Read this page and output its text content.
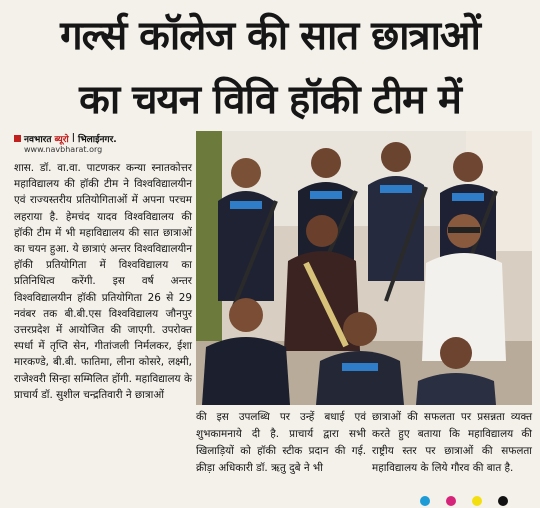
गर्ल्स कॉलेज की सात छात्राओं
का चयन विवि हॉकी टीम में
नवभारत ब्यूरो | भिलाईनगर.
www.navbharat.org
शास. डॉ. वा.वा. पाटणकर कन्या स्नातकोत्तर महाविद्यालय की हॉकी टीम ने विश्वविद्यालयीन एवं राज्यस्तरीय प्रतियोगिताओं में अपना परचम लहराया है. हेमचंद यादव विश्वविद्यालय की हॉकी टीम में भी महाविद्यालय की सात छात्राओं का चयन हुआ. ये छात्राएं अन्तर विश्वविद्यालयीन हॉकी प्रतियोगिता में विश्वविद्यालय का प्रतिनिधित्व करेंगी. इस वर्ष अन्तर विश्वविद्यालयीन हॉकी प्रतियोगिता 26 से 29 नवंबर तक बी.बी.एस विश्वविद्यालय जौनपुर उत्तरप्रदेश में आयोजित की जाएगी. उपरोक्त स्पर्धा में तृप्ति सेन, गीतांजली निर्मलकर, ईशा मारकण्डे, बी.बी. फातिमा, लीना कोसरे, लक्ष्मी, राजेश्वरी सिन्हा सम्मिलित होंगी. महाविद्यालय के प्राचार्य डॉ. सुशील चन्द्रतिवारी ने छात्राओं
की इस उपलब्धि पर उन्हें बधाई एवं शुभकामनाये दी है. प्राचार्य द्वारा सभी खिलाड़ियों को हॉकी स्टीक प्रदान की गई. क्रीड़ा अधिकारी डॉ. ऋतु दुबे ने भी
छात्राओं की सफलता पर प्रसन्नता व्यक्त करते हुए बताया कि महाविद्यालय की राष्ट्रीय स्तर पर छात्राओं की सफलता महाविद्यालय के लिये गौरव की बात है.
